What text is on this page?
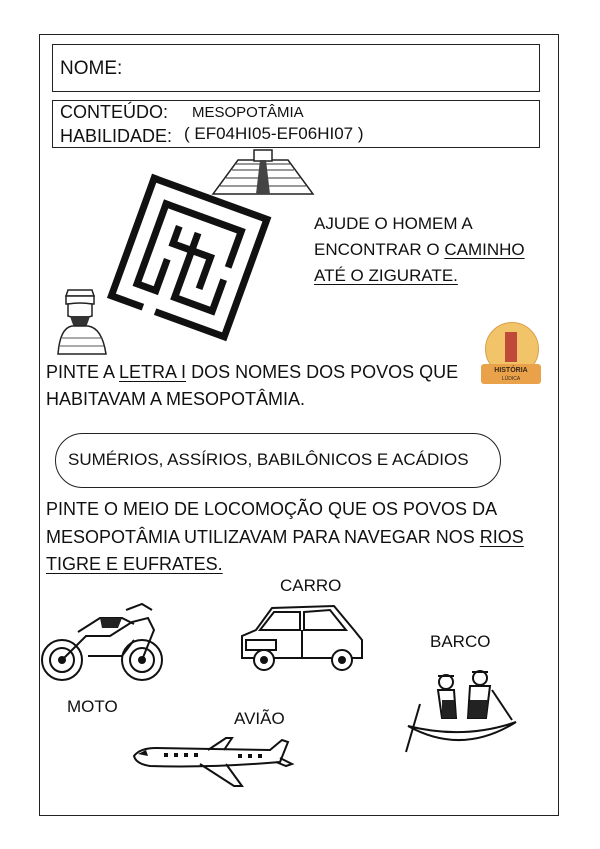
NOME:
CONTEÚDO: MESOPOTÂMIA
HABILIDADE: ( EF04HI05-EF06HI07 )
AJUDE O HOMEM A
ENCONTRAR O CAMINHO
ATÉ O ZIGURATE.
HISTÓRIA
LÚDICA
PINTE A LETRA I DOS NOMES DOS POVOS QUE
HABITAVAM A MESOPOTÂMIA.
SUMÉRIOS, ASSÍRIOS, BABILÔNICOS E ACÁDIOS
PINTE O MEIO DE LOCOMOÇÃO QUE OS POVOS DA
MESOPOTÂMIA UTILIZAVAM PARA NAVEGAR NOS RIOS
TIGRE E EUFRATES.
CARRO
BARCO
MOTO
AVIÃO
